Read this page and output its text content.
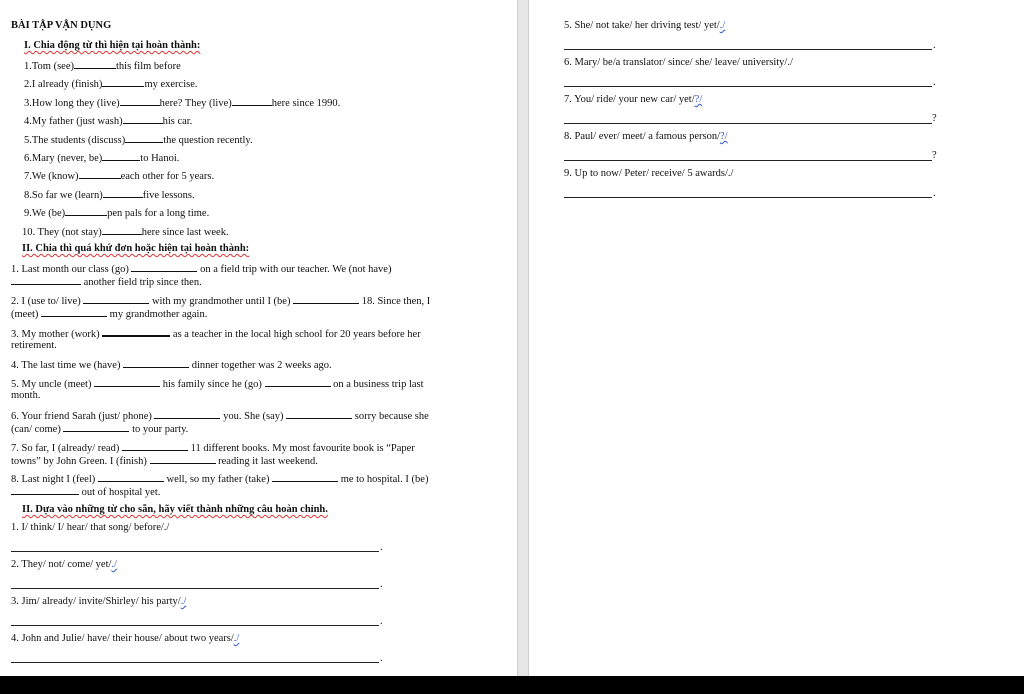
BÀI TẬP VẬN DỤNG
I. Chia động từ thì hiện tại hoàn thành:
1.Tom (see)	this film before
2.I already (finish)	my exercise.
3.How long they (live)	here? They (live)	here since 1990.
4.My father (just wash)	his car.
5.The students (discuss)	the question recently.
6.Mary (never, be)	to Hanoi.
7.We (know)	each other for 5 years.
8.So far we (learn)	five lessons.
9.We (be)	pen pals for a long time.
10. They (not stay)	here since last week.
II. Chia thì quá khứ đơn hoặc hiện tại hoàn thành:
1. Last month our class (go)	on a field trip with our teacher. We (not have)
another field trip since then.
2. I (use to/ live)	with my grandmother until I (be)	18. Since then, I
(meet)	my grandmother again.
3. My mother (work)	as a teacher in the local high school for 20 years before her
retirement.
4. The last time we (have)	dinner together was 2 weeks ago.
5. My uncle (meet)	his family since he (go)	on a business trip last
month.
6. Your friend Sarah (just/ phone)	you. She (say)	sorry because she
(can/ come)	to your party.
7. So far, I (already/ read)	11 different books. My most favourite book is “Paper
towns” by John Green. I (finish)	reading it last weekend.
8. Last night I (feel)	well, so my father (take)	me to hospital. I (be)
out of hospital yet.
II. Dựa vào những từ cho sẵn, hãy viết thành những câu hoàn chỉnh.
1. I/ think/ I/ hear/ that song/ before/./
.
2. They/ not/ come/ yet/./
.
3. Jim/ already/ invite/Shirley/ his party/./
.
4. John and Julie/ have/ their house/ about two years/./
.
5. She/ not take/ her driving test/ yet/./
.
6. Mary/ be/a translator/ since/ she/ leave/ university/./
.
7. You/ ride/ your new car/ yet/?/
?
8. Paul/ ever/ meet/ a famous person/?/
?
9. Up to now/ Peter/ receive/ 5 awards/./
.
